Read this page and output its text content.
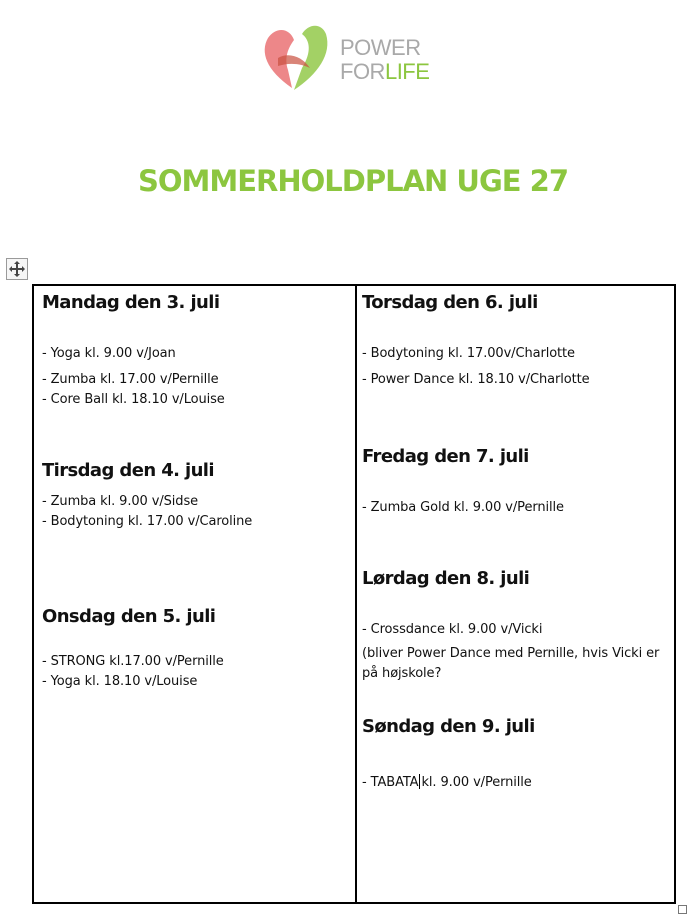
POWER
FORLIFE
SOMMERHOLDPLAN UGE 27
Mandag den 3. juli

- Yoga kl. 9.00 v/Joan

- Zumba kl. 17.00 v/Pernille

- Core Ball kl. 18.10 v/Louise

Tirsdag den 4. juli

- Zumba kl. 9.00 v/Sidse

- Bodytoning kl. 17.00 v/Caroline

Onsdag den 5. juli

- STRONG kl.17.00 v/Pernille

- Yoga kl. 18.10 v/Louise

Torsdag den 6. juli

- Bodytoning kl. 17.00v/Charlotte

- Power Dance kl. 18.10 v/Charlotte

Fredag den 7. juli

- Zumba Gold kl. 9.00 v/Pernille

Lørdag den 8. juli

- Crossdance kl. 9.00 v/Vicki

(bliver Power Dance med Pernille, hvis Vicki er på højskole?

Søndag den 9. juli

- TABATA kl. 9.00 v/Pernille
